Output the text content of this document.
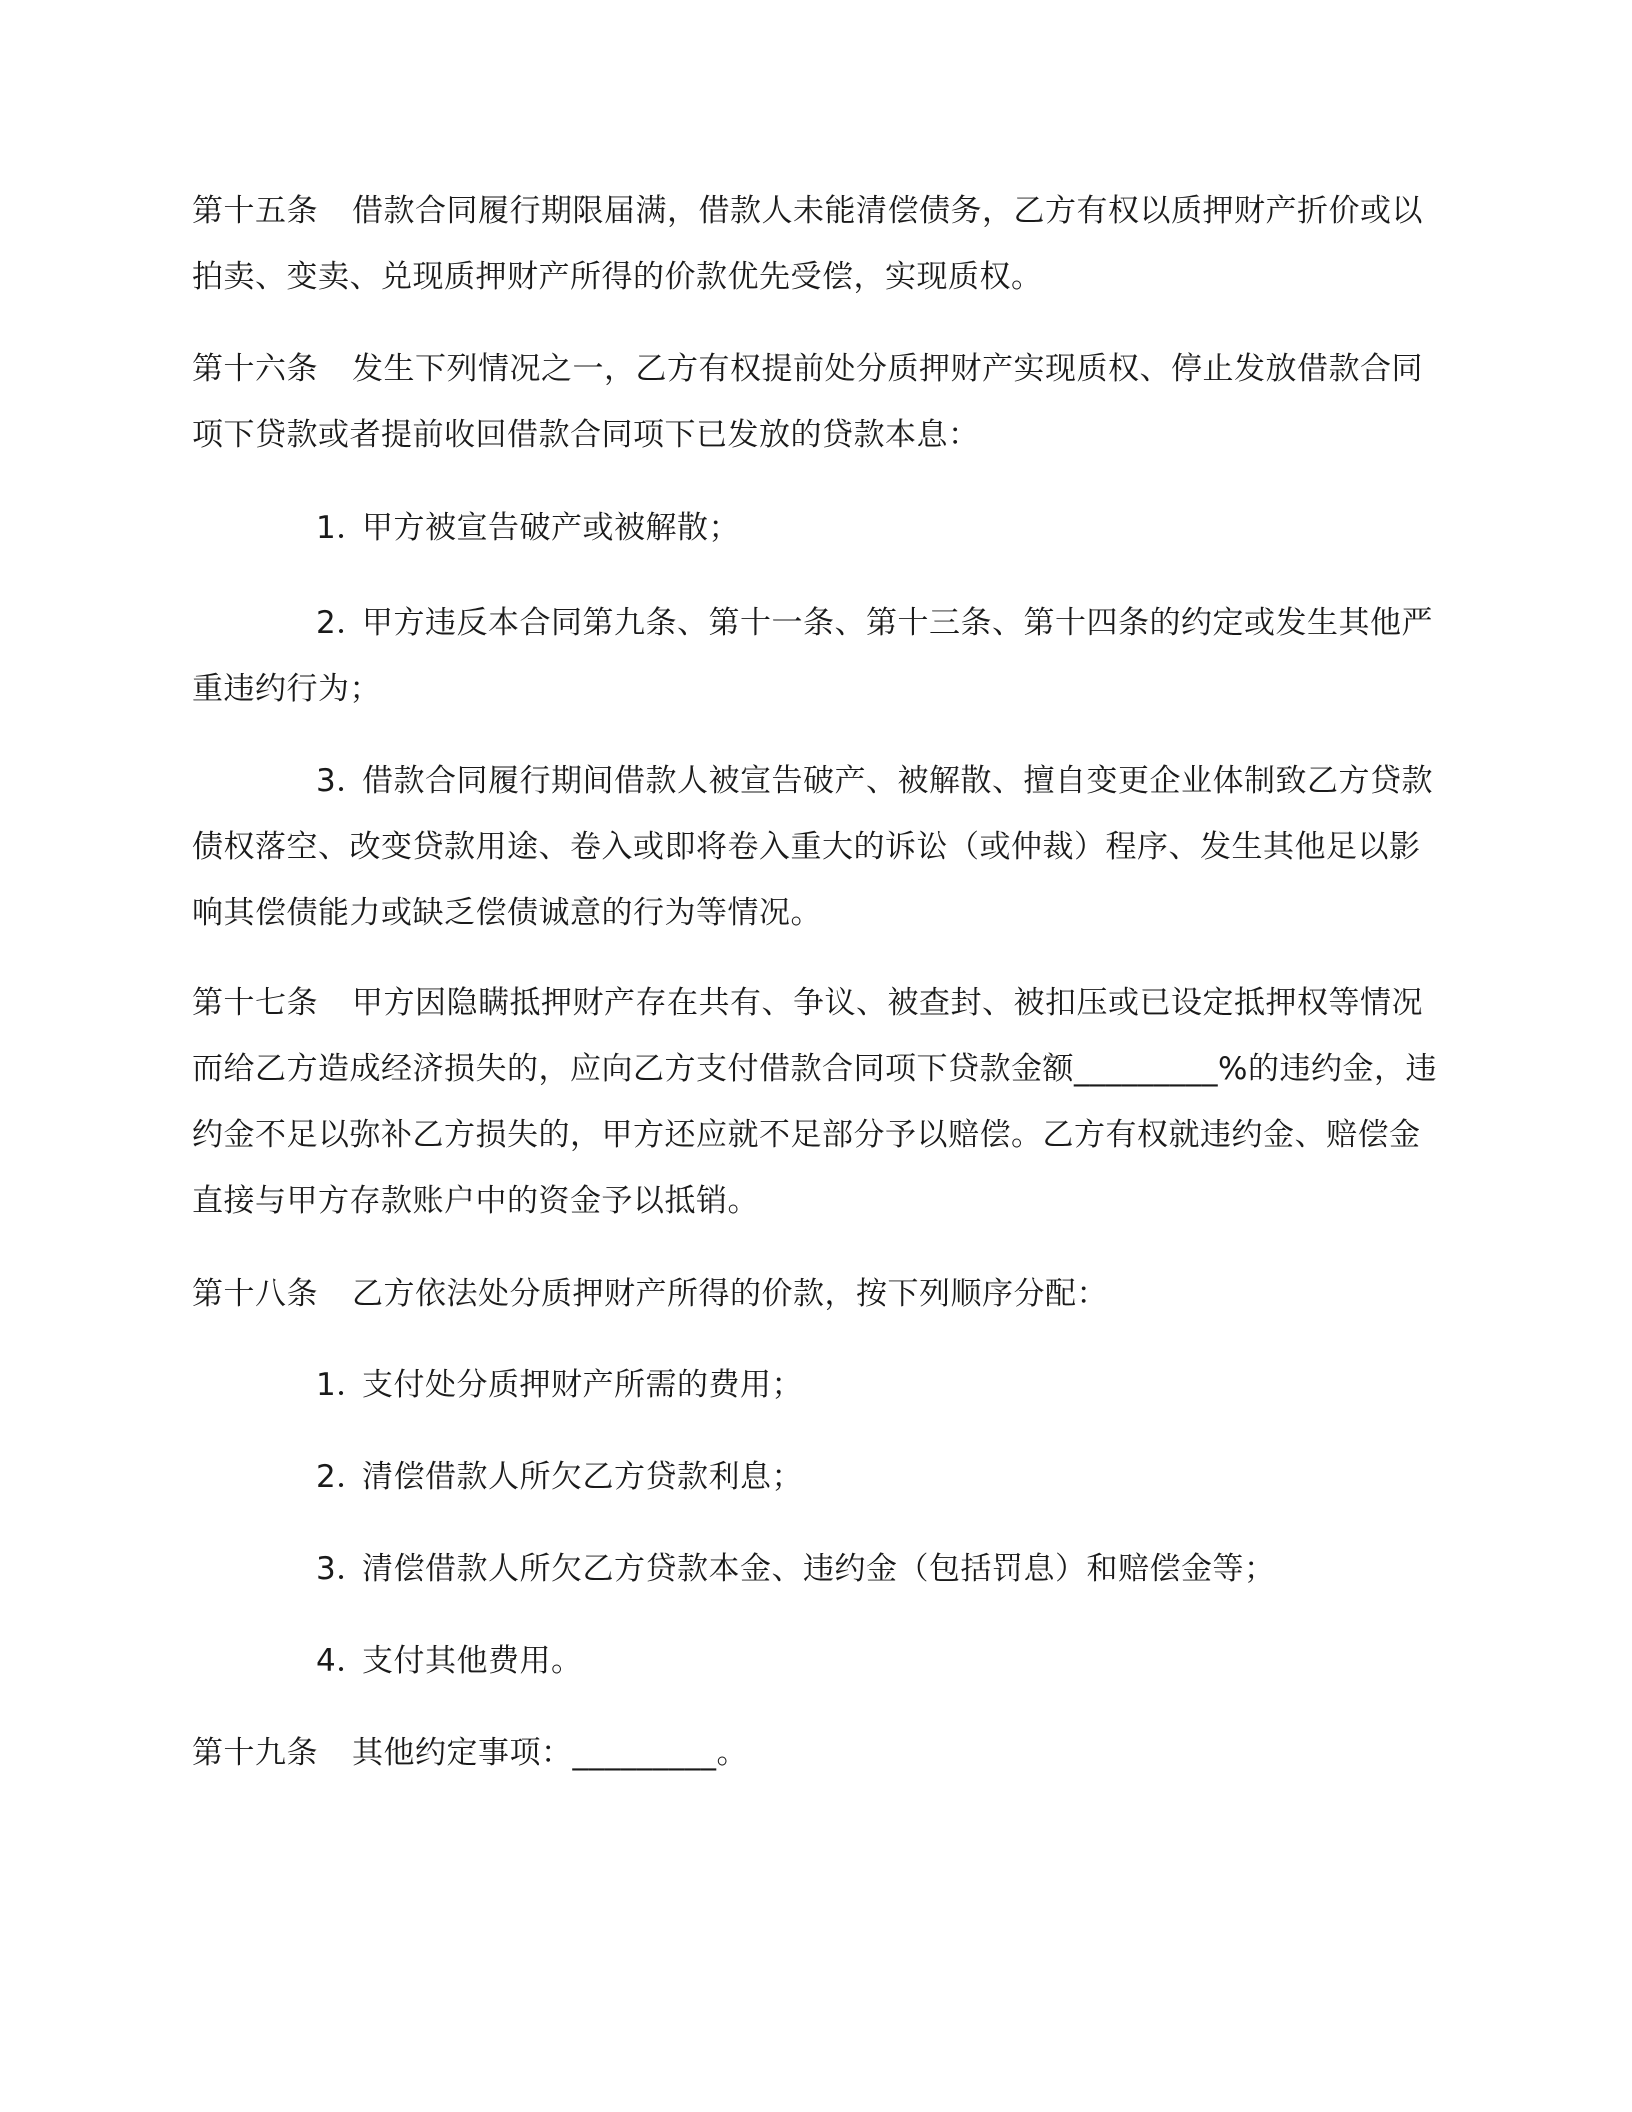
第十五条 借款合同履行期限届满，借款人未能清偿债务，乙方有权以质押财产折价或以拍卖、变卖、兑现质押财产所得的价款优先受偿，实现质权。

第十六条 发生下列情况之一，乙方有权提前处分质押财产实现质权、停止发放借款合同项下贷款或者提前收回借款合同项下已发放的贷款本息：

1．甲方被宣告破产或被解散；

2．甲方违反本合同第九条、第十一条、第十三条、第十四条的约定或发生其他严重违约行为；

3．借款合同履行期间借款人被宣告破产、被解散、擅自变更企业体制致乙方贷款债权落空、改变贷款用途、卷入或即将卷入重大的诉讼（或仲裁）程序、发生其他足以影响其偿债能力或缺乏偿债诚意的行为等情况。

第十七条 甲方因隐瞒抵押财产存在共有、争议、被查封、被扣压或已设定抵押权等情况而给乙方造成经济损失的，应向乙方支付借款合同项下贷款金额_________%的违约金，违约金不足以弥补乙方损失的，甲方还应就不足部分予以赔偿。乙方有权就违约金、赔偿金直接与甲方存款账户中的资金予以抵销。

第十八条 乙方依法处分质押财产所得的价款，按下列顺序分配：

1．支付处分质押财产所需的费用；

2．清偿借款人所欠乙方贷款利息；

3．清偿借款人所欠乙方贷款本金、违约金（包括罚息）和赔偿金等；

4．支付其他费用。

第十九条 其他约定事项：_________。
